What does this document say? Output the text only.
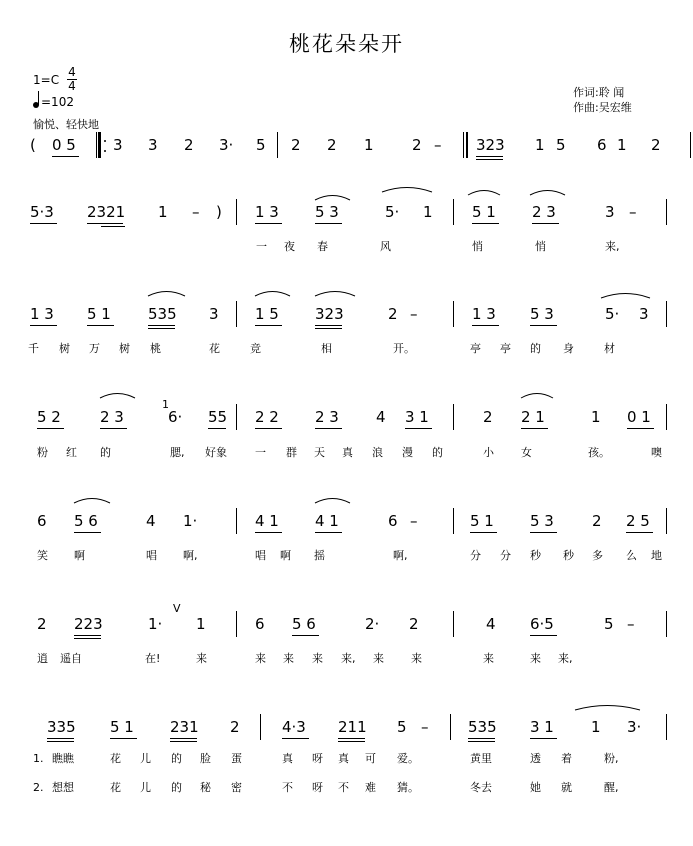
桃花朵朵开
1=C
4
4
=102
愉悦、轻快地
作词:聆 闻
作曲:吴宏维
( 0 5 3 3 2 3· 5 2 2 1	2 – 323 1 5 6 1 2
5·3 2321 1 – ) 1 3 5 3	5· 1	5 1 2 3	3 –
一 夜 春	风	悄	悄	来,
1 3 5 1 535 3 1 5 323	2 –	1 3 5 3	5· 3
千 树 万 树 桃	花	竞	相	开。	亭 亭 的 身	材
5 2	2 3	6· 55 2 2 2 3 4 3 1	2 2 1	1 0 1
粉 红 的	腮, 好象	一 群 天 真 浪 漫 的	小 女	孩。	噢
6 5 6	4 1·	4 1 4 1	6 –	5 1 5 3	2 2 5
笑 啊	唱 啊,	唱 啊 摇	啊,	分 分 秒 秒 多 么 地
2 223	1· 1	6 5 6	2· 2	4 6·5	5 –
逍 遥自	在!	来	来 来 来 来, 来 来	来	来 来,
335 5 1 231 2	4·3 211 5 –	535 3 1 1 3·
1. 瞧瞧	花 儿 的 脸 蛋	真 呀 真 可 爱。	黄里	透 着	粉,
2. 想想	花 儿 的 秘 密	不 呀 不 难 猜。	冬去	她 就	醒,
1
V
